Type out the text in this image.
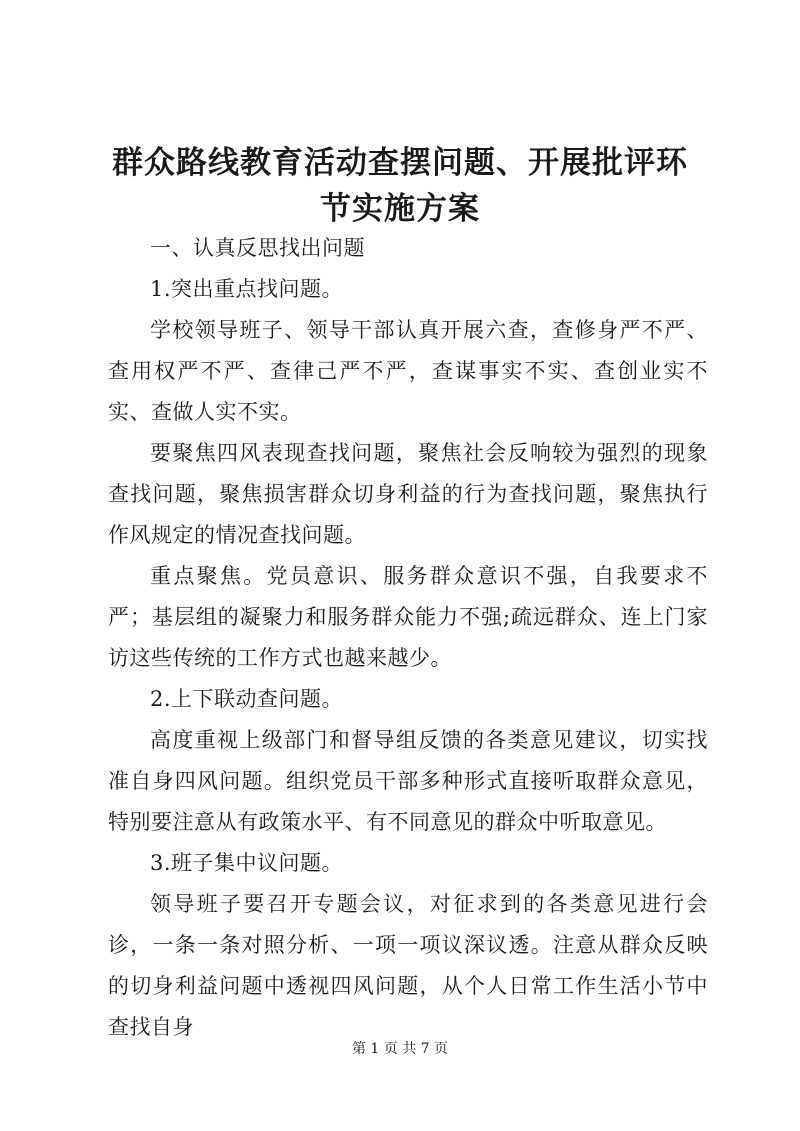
群众路线教育活动查摆问题、开展批评环节实施方案

一、认真反思找出问题

1.突出重点找问题。

学校领导班子、领导干部认真开展六查，查修身严不严、查用权严不严、查律己严不严，查谋事实不实、查创业实不实、查做人实不实。

要聚焦四风表现查找问题，聚焦社会反响较为强烈的现象查找问题，聚焦损害群众切身利益的行为查找问题，聚焦执行作风规定的情况查找问题。

重点聚焦。党员意识、服务群众意识不强，自我要求不严；基层组的凝聚力和服务群众能力不强;疏远群众、连上门家访这些传统的工作方式也越来越少。

2.上下联动查问题。

高度重视上级部门和督导组反馈的各类意见建议，切实找准自身四风问题。组织党员干部多种形式直接听取群众意见，特别要注意从有政策水平、有不同意见的群众中听取意见。

3.班子集中议问题。

领导班子要召开专题会议，对征求到的各类意见进行会诊，一条一条对照分析、一项一项议深议透。注意从群众反映的切身利益问题中透视四风问题，从个人日常工作生活小节中查找自身

第 1 页 共 7 页
